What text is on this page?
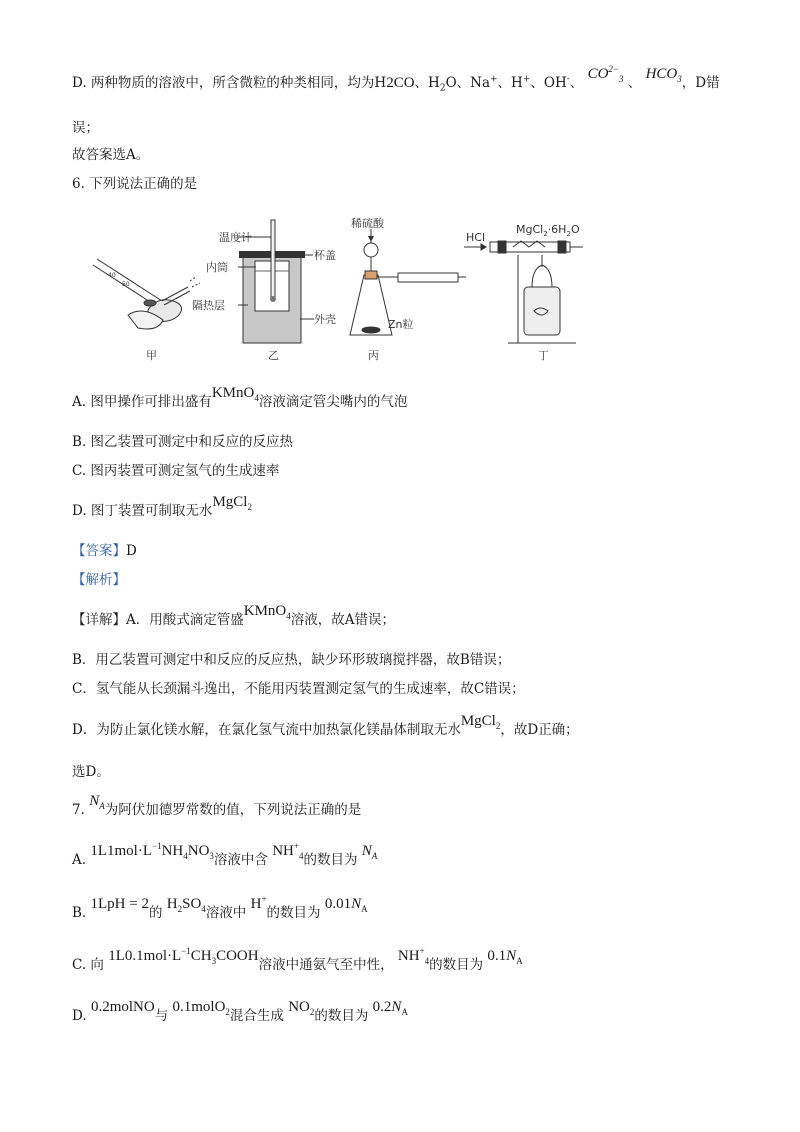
D. 两种物质的溶液中，所含微粒的种类相同，均为H2CO、$H_2O$、Na+、H+、OH-、 $CO^{2-}_3$ 、 $HCO_3$，D错
误；
故答案选A。
6. 下列说法正确的是
40
50
甲
温度计
杯盖
内筒
隔热层
外壳
乙
稀硫酸
Zn粒
丙
HCl
$MgCl_2\cdot 6H_2O$
丁
A. 图甲操作可排出盛有KMnO$_4$溶液滴定管尖嘴内的气泡
B. 图乙装置可测定中和反应的反应热
C. 图丙装置可测定氢气的生成速率
D. 图丁装置可制取无水MgCl$_2$
【答案】D
【解析】
【详解】A．用酸式滴定管盛KMnO$_4$溶液，故A错误；
B．用乙装置可测定中和反应的反应热，缺少环形玻璃搅拌器，故B错误；
C．氢气能从长颈漏斗逸出，不能用丙装置测定氢气的生成速率，故C错误；
D．为防止氯化镁水解，在氯化氢气流中加热氯化镁晶体制取无水MgCl$_2$，故D正确；
选D。
7. $N_A$为阿伏加德罗常数的值，下列说法正确的是
A. $1L1mol\cdot L^{-1}NH_4NO_3$溶液中含 $NH^+_4$的数目为 $N_A$
B. 1LpH = 2的 $H_2SO_4$溶液中 H+的数目为 $0.01N_A$
C. 向 $1L0.1mol\cdot L^{-1}CH_3COOH$溶液中通氨气至中性， $NH^+_4$的数目为 $0.1N_A$
D. 0.2molNO与 0.1molO$_2$混合生成 $NO_2$的数目为 $0.2N_A$
